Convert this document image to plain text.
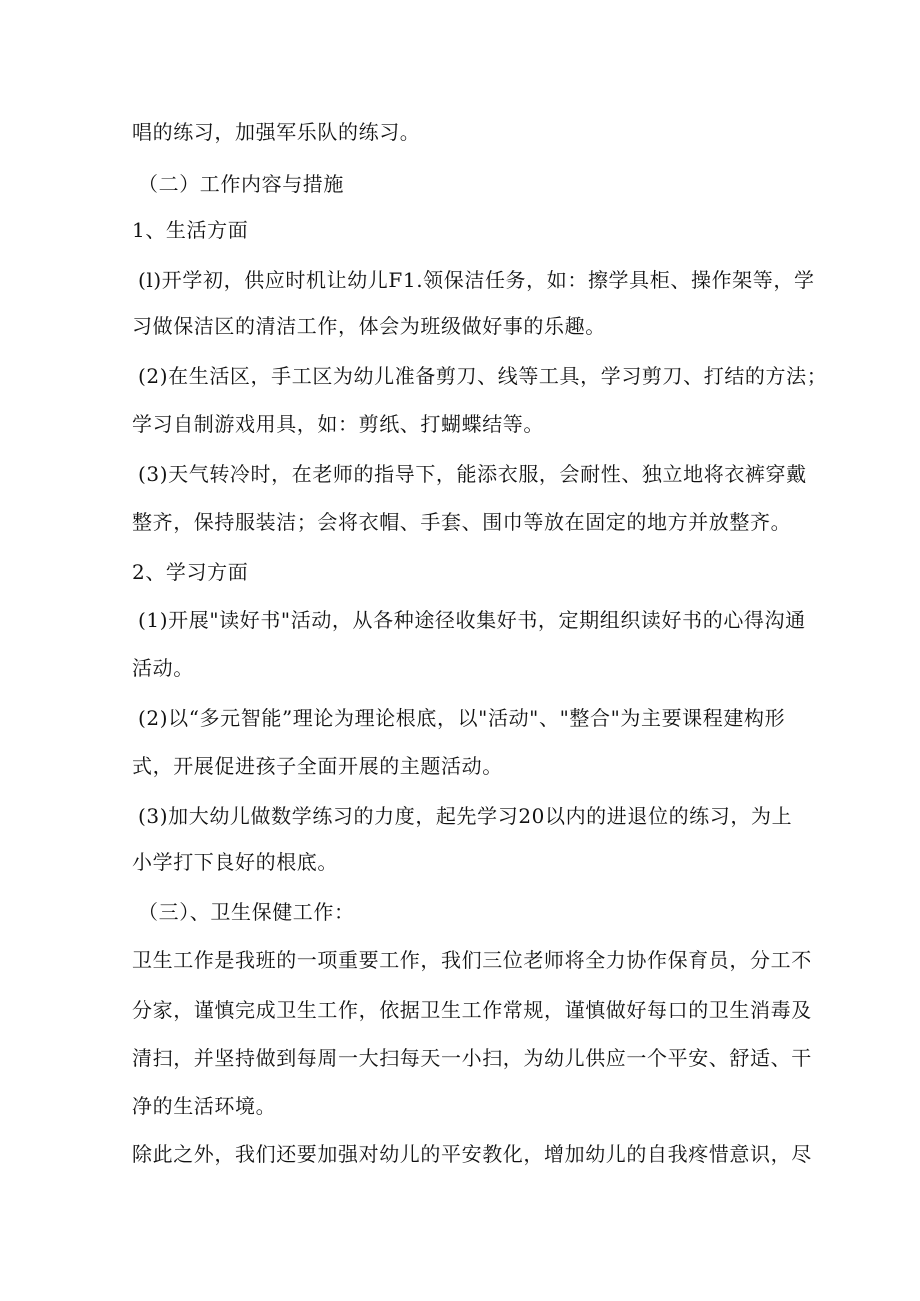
唱的练习，加强军乐队的练习。
（二）工作内容与措施
1、生活方面
(l)开学初，供应时机让幼儿F1.领保洁任务，如：擦学具柜、操作架等，学
习做保洁区的清洁工作，体会为班级做好事的乐趣。
(2)在生活区，手工区为幼儿准备剪刀、线等工具，学习剪刀、打结的方法；
学习自制游戏用具，如：剪纸、打蝴蝶结等。
(3)天气转冷时，在老师的指导下，能添衣服，会耐性、独立地将衣裤穿戴
整齐，保持服装洁；会将衣帽、手套、围巾等放在固定的地方并放整齐。
2、学习方面
(1)开展"读好书"活动，从各种途径收集好书，定期组织读好书的心得沟通
活动。
(2)以“多元智能”理论为理论根底，以"活动"、"整合"为主要课程建构形
式，开展促进孩子全面开展的主题活动。
(3)加大幼儿做数学练习的力度，起先学习20以内的进退位的练习，为上
小学打下良好的根底。
（三）、卫生保健工作：
卫生工作是我班的一项重要工作，我们三位老师将全力协作保育员，分工不
分家，谨慎完成卫生工作，依据卫生工作常规，谨慎做好每口的卫生消毒及
清扫，并坚持做到每周一大扫每天一小扫，为幼儿供应一个平安、舒适、干
净的生活环境。
除此之外，我们还要加强对幼儿的平安教化，增加幼儿的自我疼惜意识，尽
